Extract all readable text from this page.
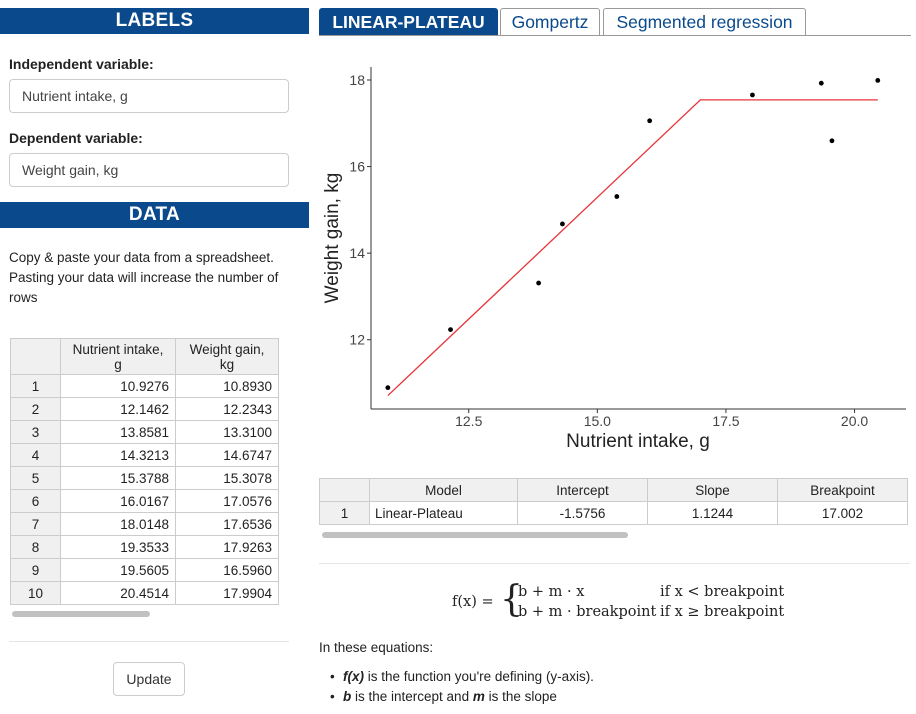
LABELS
Independent variable:
Nutrient intake, g
Dependent variable:
Weight gain, kg
DATA
Copy & paste your data from a spreadsheet. Pasting your data will increase the number of rows
	Nutrient intake, g	Weight gain, kg
1	10.9276	10.8930
2	12.1462	12.2343
3	13.8581	13.3100
4	14.3213	14.6747
5	15.3788	15.3078
6	16.0167	17.0576
7	18.0148	17.6536
8	19.3533	17.9263
9	19.5605	16.5960
10	20.4514	17.9904
Update
LINEAR-PLATEAU	Gompertz	Segmented regression
12.5	15.0	17.5	20.0
12
14
16
18
Nutrient intake, g
Weight gain, kg
	Model	Intercept	Slope	Breakpoint
1	Linear-Plateau	-1.5756	1.1244	17.002
f(x) = {
b + m · x
b + m · breakpoint
if x < breakpoint
if x ≥ breakpoint
In these equations:
• f(x) is the function you're defining (y-axis).
• b is the intercept and m is the slope
